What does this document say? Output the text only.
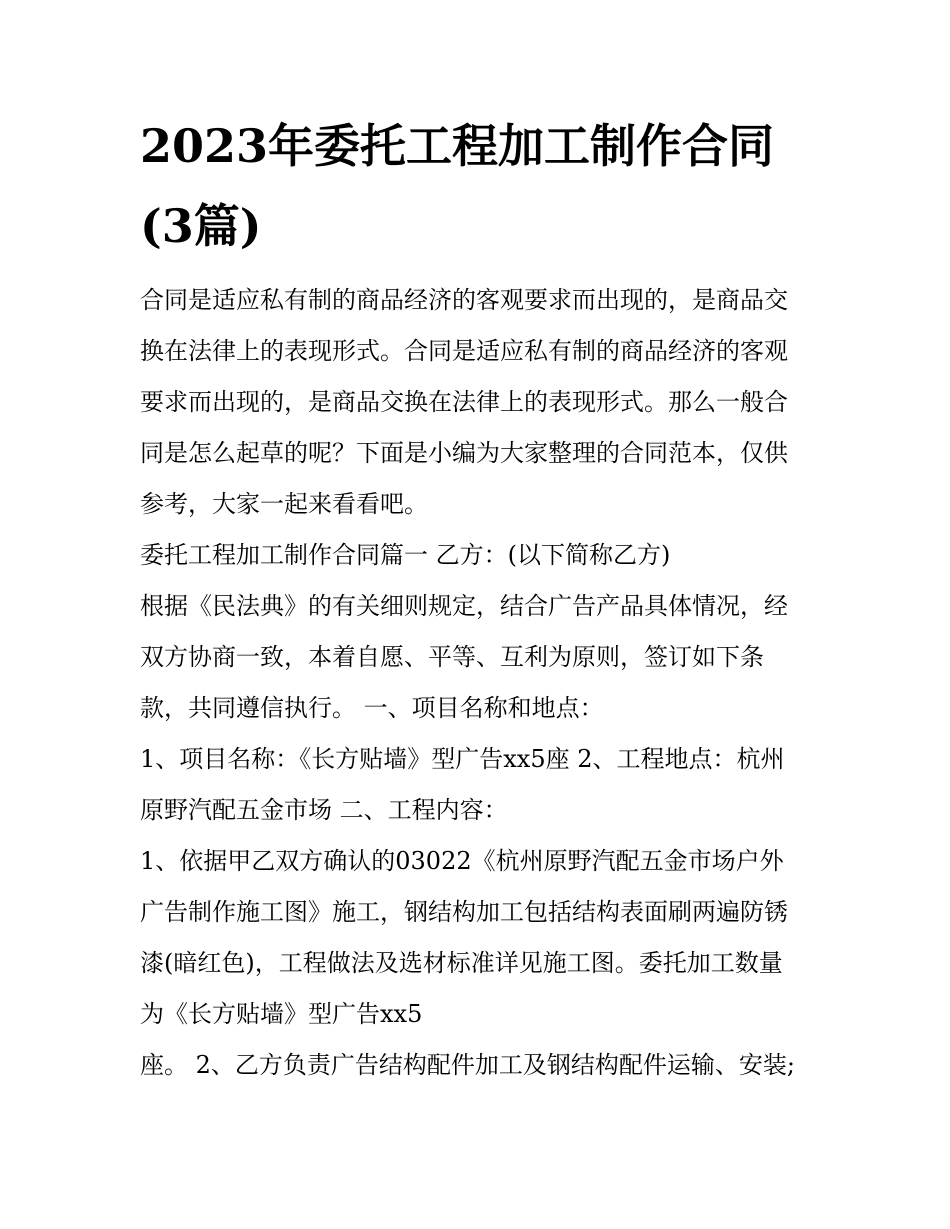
2023年委托工程加工制作合同
(3篇)

合同是适应私有制的商品经济的客观要求而出现的，是商品交

换在法律上的表现形式。合同是适应私有制的商品经济的客观

要求而出现的，是商品交换在法律上的表现形式。那么一般合

同是怎么起草的呢？下面是小编为大家整理的合同范本，仅供

参考，大家一起来看看吧。

委托工程加工制作合同篇一 乙方：(以下简称乙方)

根据《民法典》的有关细则规定，结合广告产品具体情况，经

双方协商一致，本着自愿、平等、互利为原则，签订如下条

款，共同遵信执行。 一、项目名称和地点：

1、项目名称：《长方贴墙》型广告xx5座 2、工程地点：杭州

原野汽配五金市场 二、工程内容：

1、依据甲乙双方确认的03022《杭州原野汽配五金市场户外

广告制作施工图》施工，钢结构加工包括结构表面刷两遍防锈

漆(暗红色)，工程做法及选材标准详见施工图。委托加工数量

为《长方贴墙》型广告xx5

座。 2、乙方负责广告结构配件加工及钢结构配件运输、安装;
